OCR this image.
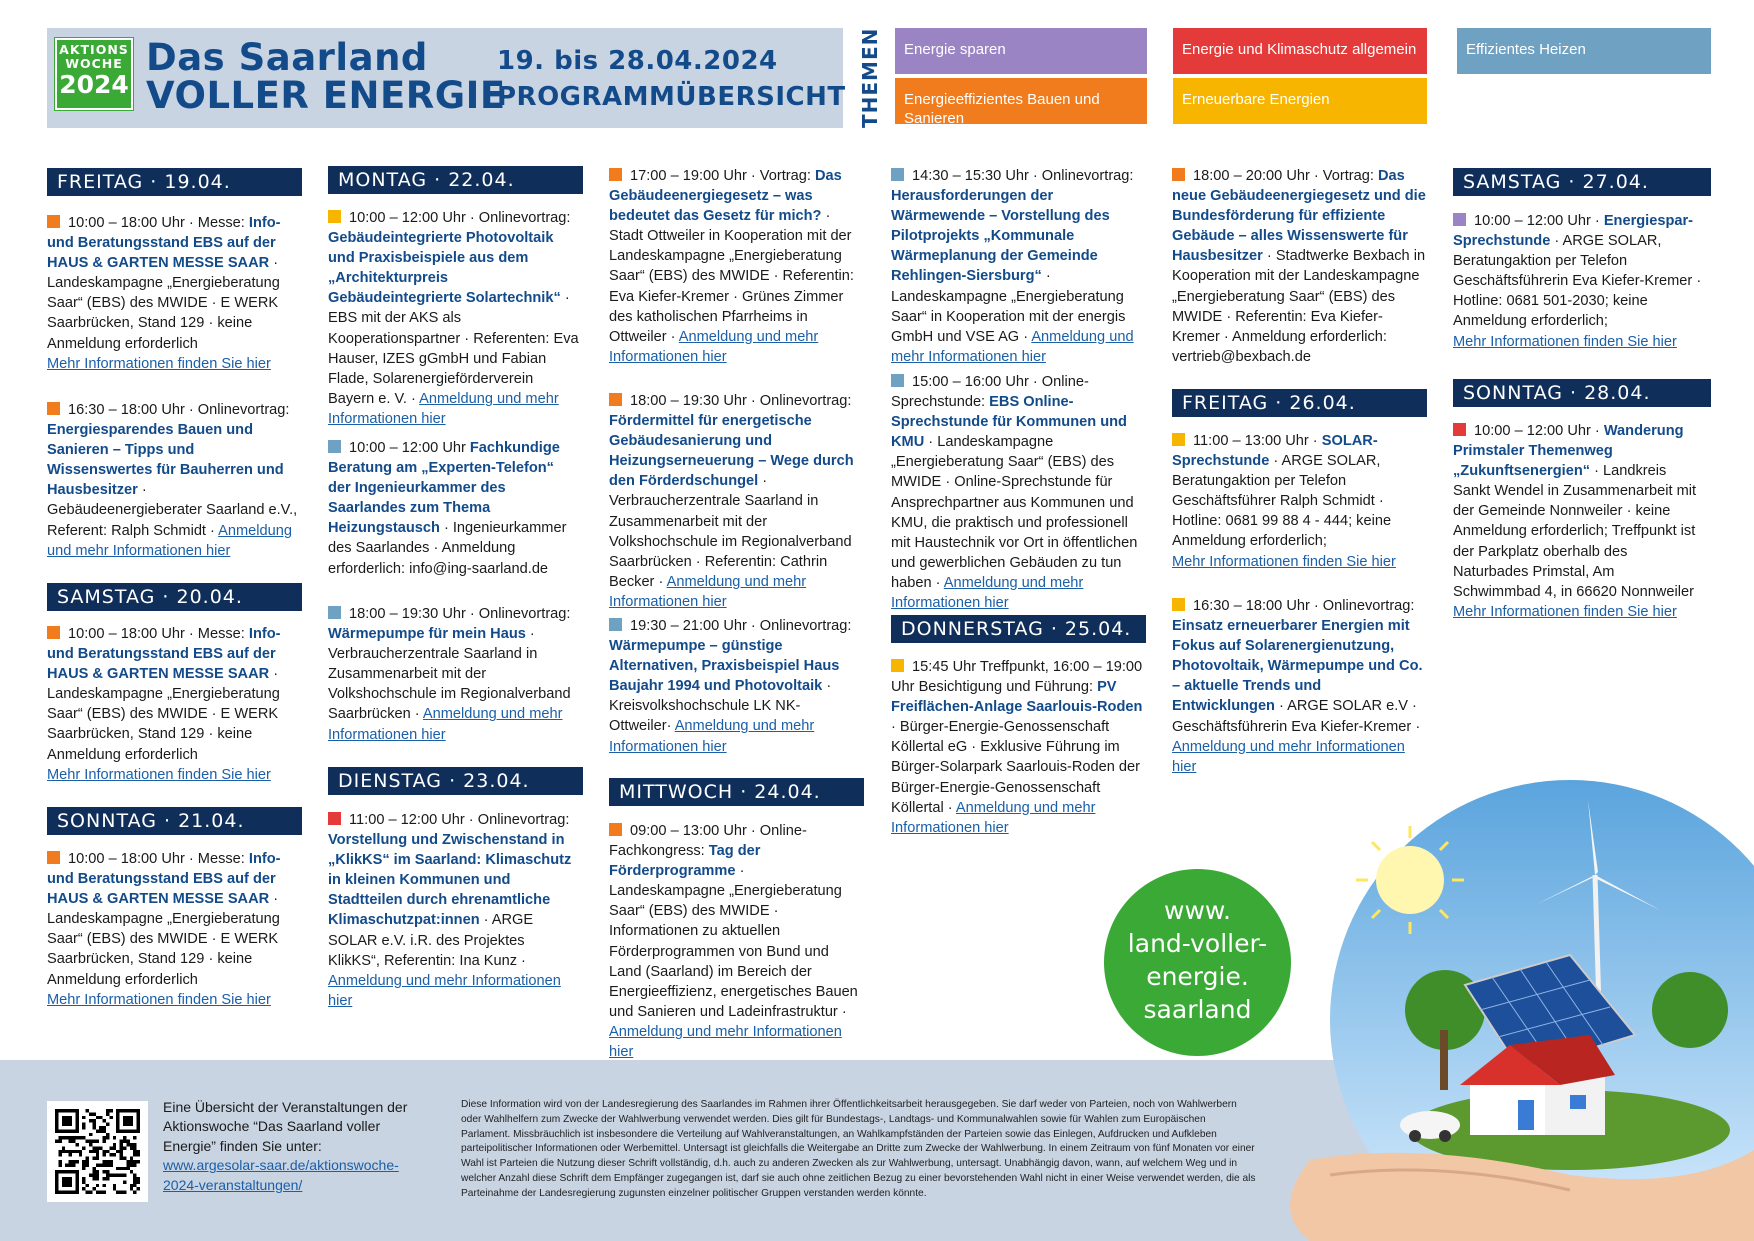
AKTIONS
WOCHE
2024
Das Saarland
VOLLER ENERGIE
19. bis 28.04.2024
PROGRAMMÜBERSICHT THEMEN	Energie sparen
Energieeffizientes Bauen und Sanieren
Energie und Klimaschutz allgemein
Erneuerbare Energien
Effizientes Heizen
FREITAG · 19.04.
10:00 – 18:00 Uhr · Messe: Info- und Beratungsstand EBS auf der HAUS & GARTEN MESSE SAAR · Landeskampagne „Energieberatung Saar“ (EBS) des MWIDE · E WERK Saarbrücken, Stand 129 · keine Anmeldung erforderlich
Mehr Informationen finden Sie hier
16:30 – 18:00 Uhr · Onlinevortrag: Energiesparendes Bauen und Sanieren – Tipps und Wissenswertes für Bauherren und Hausbesitzer · Gebäudeenergieberater Saarland e.V., Referent: Ralph Schmidt · Anmeldung und mehr Informationen hier
SAMSTAG · 20.04.
10:00 – 18:00 Uhr · Messe: Info- und Beratungsstand EBS auf der HAUS & GARTEN MESSE SAAR · Landeskampagne „Energieberatung Saar“ (EBS) des MWIDE · E WERK Saarbrücken, Stand 129 · keine Anmeldung erforderlich
Mehr Informationen finden Sie hier
SONNTAG · 21.04.
10:00 – 18:00 Uhr · Messe: Info- und Beratungsstand EBS auf der HAUS & GARTEN MESSE SAAR · Landeskampagne „Energieberatung Saar“ (EBS) des MWIDE · E WERK Saarbrücken, Stand 129 · keine Anmeldung erforderlich
Mehr Informationen finden Sie hier
MONTAG · 22.04.
10:00 – 12:00 Uhr · Onlinevortrag: Gebäudeintegrierte Photovoltaik und Praxisbeispiele aus dem „Architekturpreis Gebäudeintegrierte Solartechnik“ · EBS mit der AKS als Kooperationspartner · Referenten: Eva Hauser, IZES gGmbH und Fabian Flade, Solarenergieförderverein Bayern e. V. · Anmeldung und mehr Informationen hier
10:00 – 12:00 Uhr Fachkundige Beratung am „Experten-Telefon“ der Ingenieurkammer des Saarlandes zum Thema Heizungstausch · Ingenieurkammer des Saarlandes · Anmeldung erforderlich: info@ing-saarland.de
18:00 – 19:30 Uhr · Onlinevortrag: Wärmepumpe für mein Haus · Verbraucherzentrale Saarland in Zusammenarbeit mit der Volkshochschule im Regionalverband Saarbrücken · Anmeldung und mehr Informationen hier
DIENSTAG · 23.04.
11:00 – 12:00 Uhr · Onlinevortrag: Vorstellung und Zwischenstand in „KlikKS“ im Saarland: Klimaschutz in kleinen Kommunen und Stadtteilen durch ehrenamtliche Klimaschutzpat:innen · ARGE SOLAR e.V. i.R. des Projektes KlikKS“, Referentin: Ina Kunz · Anmeldung und mehr Informationen hier
17:00 – 19:00 Uhr · Vortrag: Das Gebäudeenergiegesetz – was bedeutet das Gesetz für mich? · Stadt Ottweiler in Kooperation mit der Landeskampagne „Energieberatung Saar“ (EBS) des MWIDE · Referentin: Eva Kiefer-Kremer · Grünes Zimmer des katholischen Pfarrheims in Ottweiler · Anmeldung und mehr Informationen hier
18:00 – 19:30 Uhr · Onlinevortrag: Fördermittel für energetische Gebäudesanierung und Heizungserneuerung – Wege durch den Förderdschungel · Verbraucherzentrale Saarland in Zusammenarbeit mit der Volkshochschule im Regionalverband Saarbrücken · Referentin: Cathrin Becker · Anmeldung und mehr Informationen hier
19:30 – 21:00 Uhr · Onlinevortrag: Wärmepumpe – günstige Alternativen, Praxisbeispiel Haus Baujahr 1994 und Photovoltaik · Kreisvolkshochschule LK NK-Ottweiler· Anmeldung und mehr Informationen hier
MITTWOCH · 24.04.
09:00 – 13:00 Uhr · Online-Fachkongress: Tag der Förderprogramme · Landeskampagne „Energieberatung Saar“ (EBS) des MWIDE · Informationen zu aktuellen Förderprogrammen von Bund und Land (Saarland) im Bereich der Energieeffizienz, energetisches Bauen und Sanieren und Ladeinfrastruktur · Anmeldung und mehr Informationen hier
14:30 – 15:30 Uhr · Onlinevortrag: Herausforderungen der Wärmewende – Vorstellung des Pilotprojekts „Kommunale Wärmeplanung der Gemeinde Rehlingen-Siersburg“ · Landeskampagne „Energieberatung Saar“ in Kooperation mit der energis GmbH und VSE AG · Anmeldung und mehr Informationen hier
15:00 – 16:00 Uhr · Online-Sprechstunde: EBS Online-Sprechstunde für Kommunen und KMU · Landeskampagne „Energieberatung Saar“ (EBS) des MWIDE · Online-Sprechstunde für Ansprechpartner aus Kommunen und KMU, die praktisch und professionell mit Haustechnik vor Ort in öffentlichen und gewerblichen Gebäuden zu tun haben · Anmeldung und mehr Informationen hier
DONNERSTAG · 25.04.
15:45 Uhr Treffpunkt, 16:00 – 19:00 Uhr Besichtigung und Führung: PV Freiflächen-Anlage Saarlouis-Roden · Bürger-Energie-Genossenschaft Köllertal eG · Exklusive Führung im Bürger-Solarpark Saarlouis-Roden der Bürger-Energie-Genossenschaft Köllertal · Anmeldung und mehr Informationen hier
18:00 – 20:00 Uhr · Vortrag: Das neue Gebäudeenergiegesetz und die Bundesförderung für effiziente Gebäude – alles Wissenswerte für Hausbesitzer · Stadtwerke Bexbach in Kooperation mit der Landeskampagne „Energieberatung Saar“ (EBS) des MWIDE · Referentin: Eva Kiefer-Kremer · Anmeldung erforderlich: vertrieb@bexbach.de
FREITAG · 26.04.
11:00 – 13:00 Uhr · SOLAR-Sprechstunde · ARGE SOLAR, Beratungaktion per Telefon Geschäftsführer Ralph Schmidt · Hotline: 0681 99 88 4 - 444; keine Anmeldung erforderlich;
Mehr Informationen finden Sie hier
16:30 – 18:00 Uhr · Onlinevortrag: Einsatz erneuerbarer Energien mit Fokus auf Solarenergienutzung, Photovoltaik, Wärmepumpe und Co. – aktuelle Trends und Entwicklungen · ARGE SOLAR e.V · Geschäftsführerin Eva Kiefer-Kremer · Anmeldung und mehr Informationen hier
SAMSTAG · 27.04.
10:00 – 12:00 Uhr · Energiespar-Sprechstunde · ARGE SOLAR, Beratungaktion per Telefon Geschäftsführerin Eva Kiefer-Kremer · Hotline: 0681 501-2030; keine Anmeldung erforderlich;
Mehr Informationen finden Sie hier
SONNTAG · 28.04.
10:00 – 12:00 Uhr · Wanderung Primstaler Themenweg „Zukunftsenergien“ · Landkreis Sankt Wendel in Zusammenarbeit mit der Gemeinde Nonnweiler · keine Anmeldung erforderlich; Treffpunkt ist der Parkplatz oberhalb des Naturbades Primstal, Am Schwimmbad 4, in 66620 Nonnweiler
Mehr Informationen finden Sie hier
Eine Übersicht der Veranstaltungen der Aktionswoche “Das Saarland voller Energie” finden Sie unter:
www.argesolar-saar.de/aktionswoche-2024-veranstaltungen/
Diese Information wird von der Landesregierung des Saarlandes im Rahmen ihrer Öffentlichkeitsarbeit herausgegeben. Sie darf weder von Parteien, noch von Wahlwerbern oder Wahlhelfern zum Zwecke der Wahlwerbung verwendet werden. Dies gilt für Bundestags-, Landtags- und Kommunalwahlen sowie für Wahlen zum Europäischen Parlament. Missbräuchlich ist insbesondere die Verteilung auf Wahlveranstaltungen, an Wahlkampfständen der Parteien sowie das Einlegen, Aufdrucken und Aufkleben parteipolitischer Informationen oder Werbemittel. Untersagt ist gleichfalls die Weitergabe an Dritte zum Zwecke der Wahlwerbung. In einem Zeitraum von fünf Monaten vor einer Wahl ist Parteien die Nutzung dieser Schrift vollständig, d.h. auch zu anderen Zwecken als zur Wahlwerbung, untersagt. Unabhängig davon, wann, auf welchem Weg und in welcher Anzahl diese Schrift dem Empfänger zugegangen ist, darf sie auch ohne zeitlichen Bezug zu einer bevorstehenden Wahl nicht in einer Weise verwendet werden, die als Parteinahme der Landesregierung zugunsten einzelner politischer Gruppen verstanden werden könnte.
www.
land-voller-
energie.
saarland
